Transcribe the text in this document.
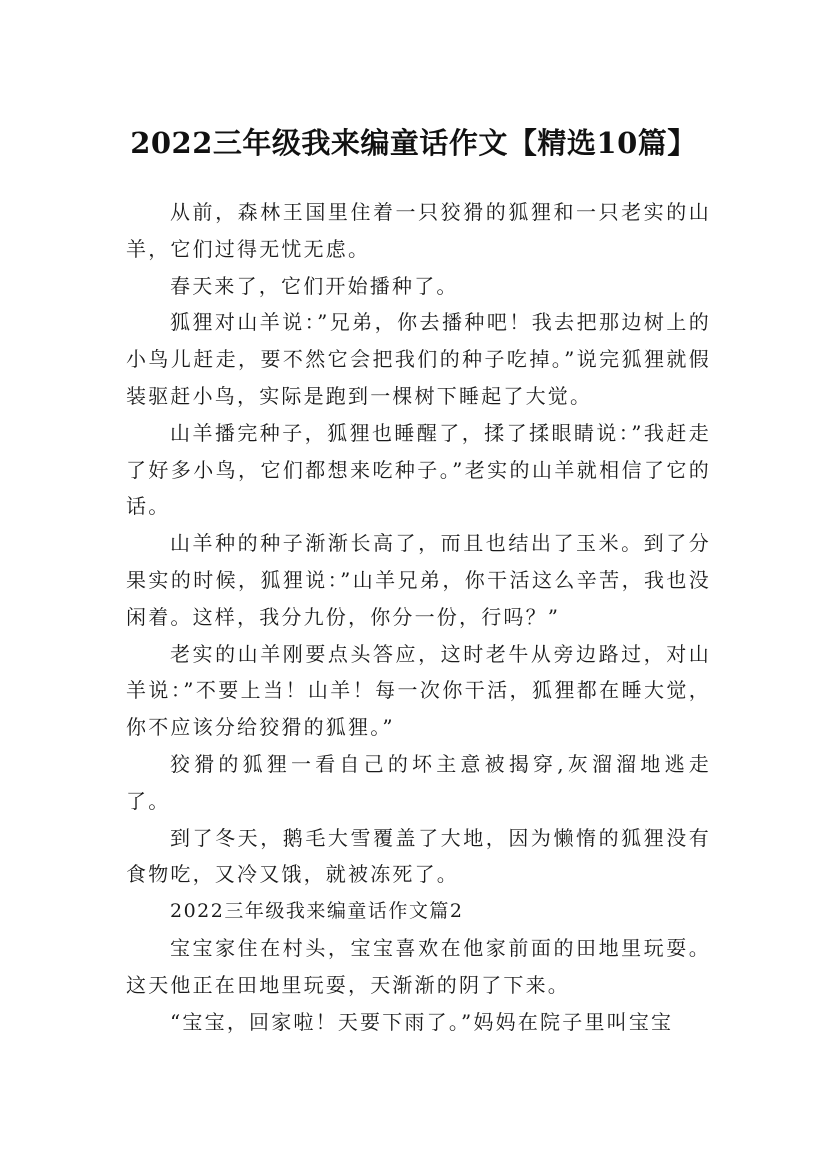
2022三年级我来编童话作文【精选10篇】

从前，森林王国里住着一只狡猾的狐狸和一只老实的山羊，它们过得无忧无虑。

春天来了，它们开始播种了。

狐狸对山羊说：”兄弟，你去播种吧！我去把那边树上的小鸟儿赶走，要不然它会把我们的种子吃掉。”说完狐狸就假装驱赶小鸟，实际是跑到一棵树下睡起了大觉。

山羊播完种子，狐狸也睡醒了，揉了揉眼睛说：”我赶走了好多小鸟，它们都想来吃种子。”老实的山羊就相信了它的话。

山羊种的种子渐渐长高了，而且也结出了玉米。到了分果实的时候，狐狸说：”山羊兄弟，你干活这么辛苦，我也没闲着。这样，我分九份，你分一份，行吗？”

老实的山羊刚要点头答应，这时老牛从旁边路过，对山羊说：”不要上当！山羊！每一次你干活，狐狸都在睡大觉，你不应该分给狡猾的狐狸。”

狡猾的狐狸一看自己的坏主意被揭穿,灰溜溜地逃走了。

到了冬天，鹅毛大雪覆盖了大地，因为懒惰的狐狸没有食物吃，又冷又饿，就被冻死了。

2022三年级我来编童话作文篇2

宝宝家住在村头，宝宝喜欢在他家前面的田地里玩耍。这天他正在田地里玩耍，天渐渐的阴了下来。

“宝宝，回家啦！天要下雨了。”妈妈在院子里叫宝宝
